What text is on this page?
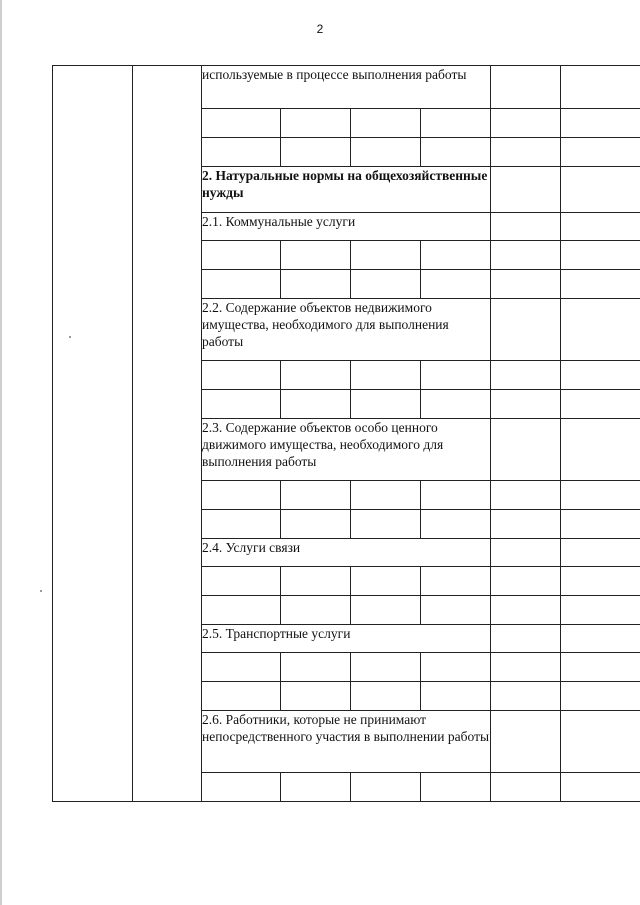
2
		используемые в процессе выполнения работы					

		2. Натуральные нормы на общехозяйственные нужды					
		2.1. Коммунальные услуги					

		2.2. Содержание объектов недвижимого имущества, необходимого для выполнения работы					

		2.3. Содержание объектов особо ценного движимого имущества, необходимого для выполнения работы					

		2.4. Услуги связи					

		2.5. Транспортные услуги					

		2.6. Работники, которые не принимают непосредственного участия в выполнении работы					
